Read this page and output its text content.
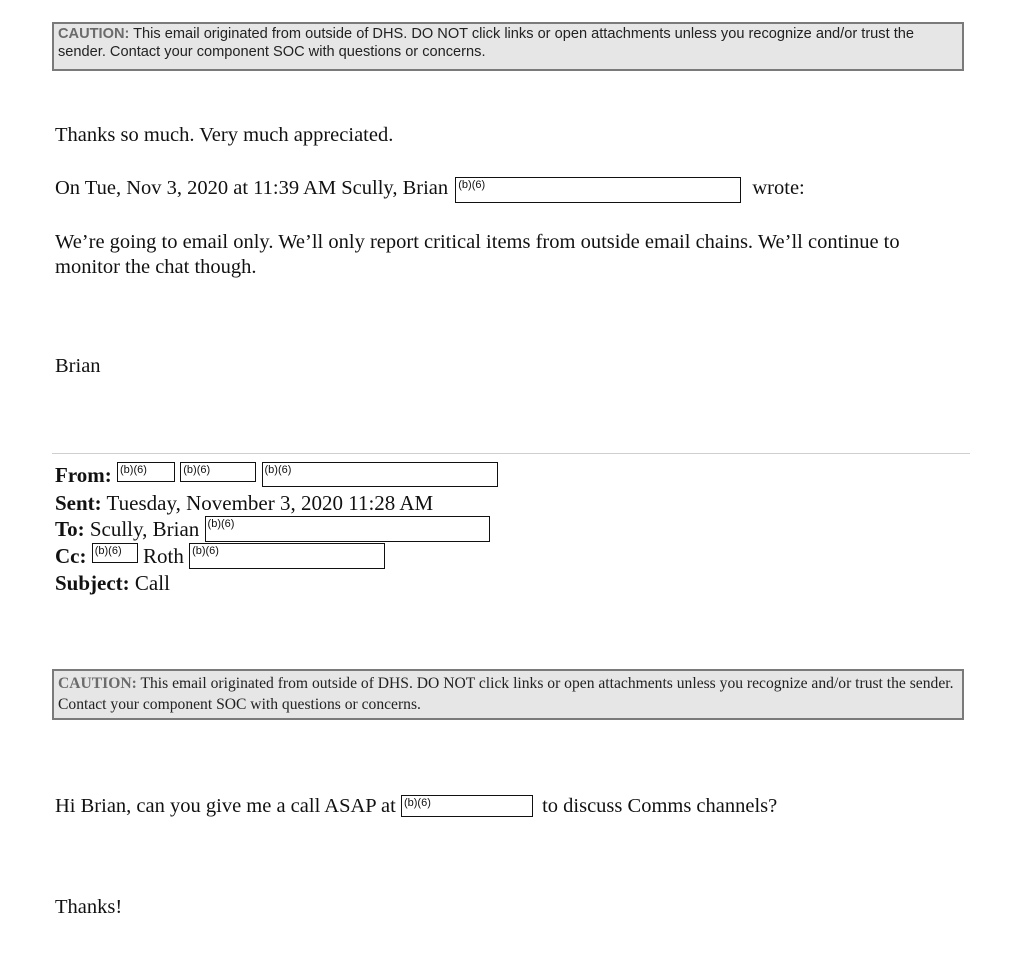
CAUTION: This email originated from outside of DHS. DO NOT click links or open attachments unless you recognize and/or trust the sender. Contact your component SOC with questions or concerns.
Thanks so much. Very much appreciated.
On Tue, Nov 3, 2020 at 11:39 AM Scully, Brian (b)(6)	wrote:
We’re going to email only. We’ll only report critical items from outside email chains. We’ll continue to monitor the chat though.
Brian
From: (b)(6)	(b)(6)	(b)(6)
Sent: Tuesday, November 3, 2020 11:28 AM
To: Scully, Brian (b)(6)
Cc: (b)(6) Roth (b)(6)
Subject: Call
CAUTION: This email originated from outside of DHS. DO NOT click links or open attachments unless you recognize and/or trust the sender. Contact your component SOC with questions or concerns.
Hi Brian, can you give me a call ASAP at (b)(6)	to discuss Comms channels?
Thanks!
